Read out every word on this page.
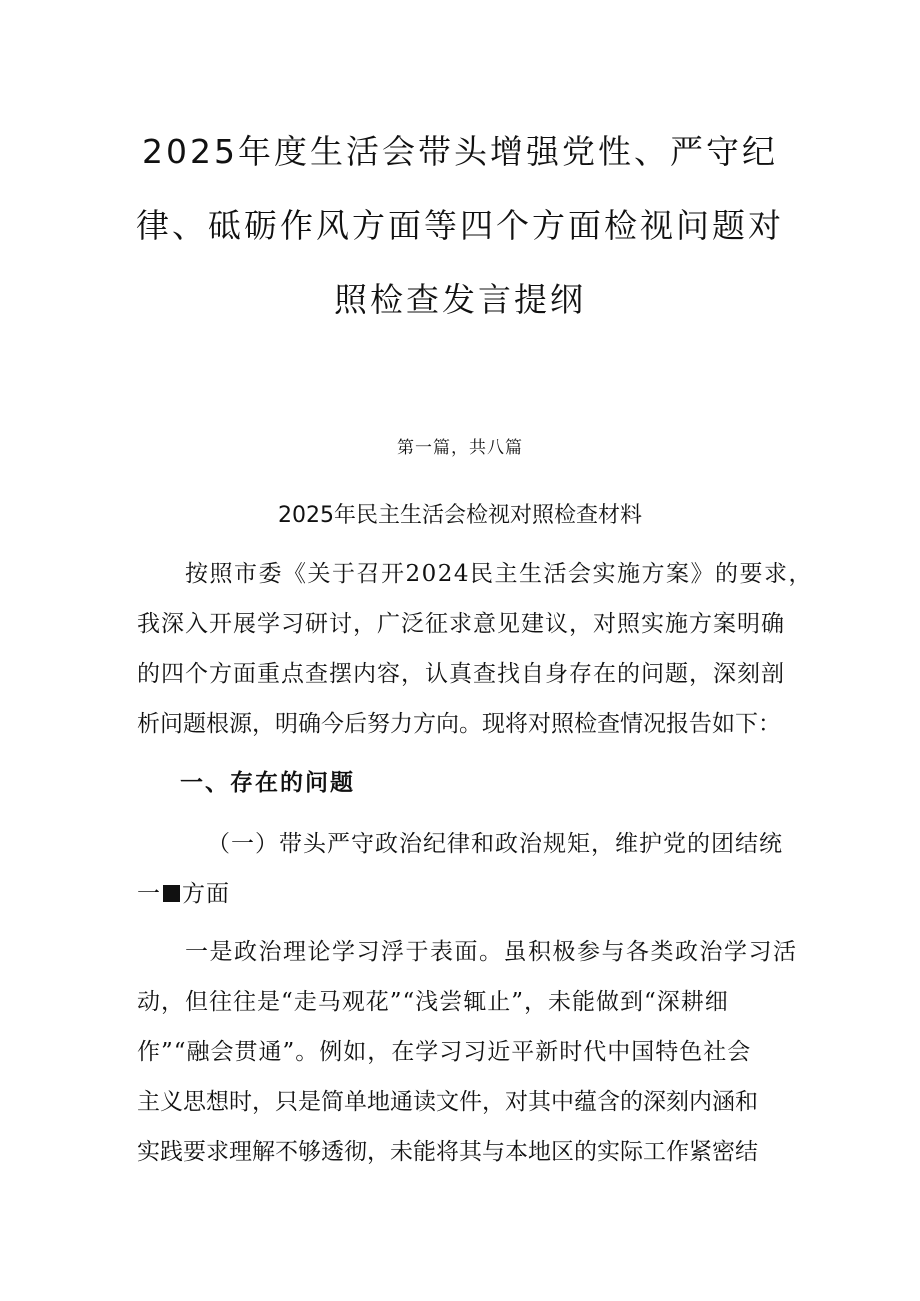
2025年度生活会带头增强党性、严守纪
律、砥砺作风方面等四个方面检视问题对
照检查发言提纲
第一篇，共八篇
2025年民主生活会检视对照检查材料
按照市委《关于召开2024民主生活会实施方案》的要求，
我深入开展学习研讨，广泛征求意见建议，对照实施方案明确
的四个方面重点查摆内容，认真查找自身存在的问题，深刻剖
析问题根源，明确今后努力方向。现将对照检查情况报告如下：
一、存在的问题
（一）带头严守政治纪律和政治规矩，维护党的团结统
一 方面
一是政治理论学习浮于表面。虽积极参与各类政治学习活
动，但往往是“走马观花”“浅尝辄止”，未能做到“深耕细
作”“融会贯通”。例如，在学习习近平新时代中国特色社会
主义思想时，只是简单地通读文件，对其中蕴含的深刻内涵和
实践要求理解不够透彻，未能将其与本地区的实际工作紧密结
